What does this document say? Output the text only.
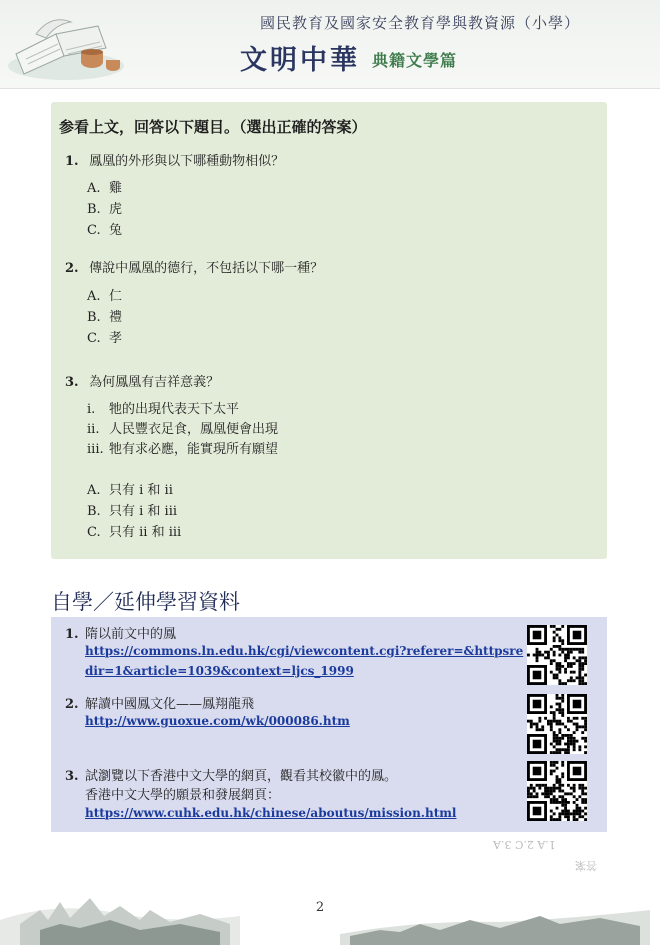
國民教育及國家安全教育學與教資源（小學）
文明中華 典籍文學篇
参看上文，回答以下題目。（選出正確的答案）
1. 鳳凰的外形與以下哪種動物相似？
A. 雞
B. 虎
C. 兔
2. 傳說中鳳凰的德行，不包括以下哪一種？
A. 仁
B. 禮
C. 孝
3. 為何鳳凰有吉祥意義？
i. 牠的出現代表天下太平
ii. 人民豐衣足食，鳳凰便會出現
iii. 牠有求必應，能實現所有願望
A. 只有 i 和 ii
B. 只有 i 和 iii
C. 只有 ii 和 iii
自學／延伸學習資料
1. 隋以前文中的鳳
https://commons.ln.edu.hk/cgi/viewcontent.cgi?referer=&httpsre
dir=1&article=1039&context=ljcs_1999
2. 解讀中國鳳文化——鳳翔龍飛
http://www.guoxue.com/wk/000086.htm
3. 試瀏覽以下香港中文大學的網頁，觀看其校徽中的鳳。
香港中文大學的願景和發展網頁：
https://www.cuhk.edu.hk/chinese/aboutus/mission.html
1.A 2.C 3.A
答案
2
